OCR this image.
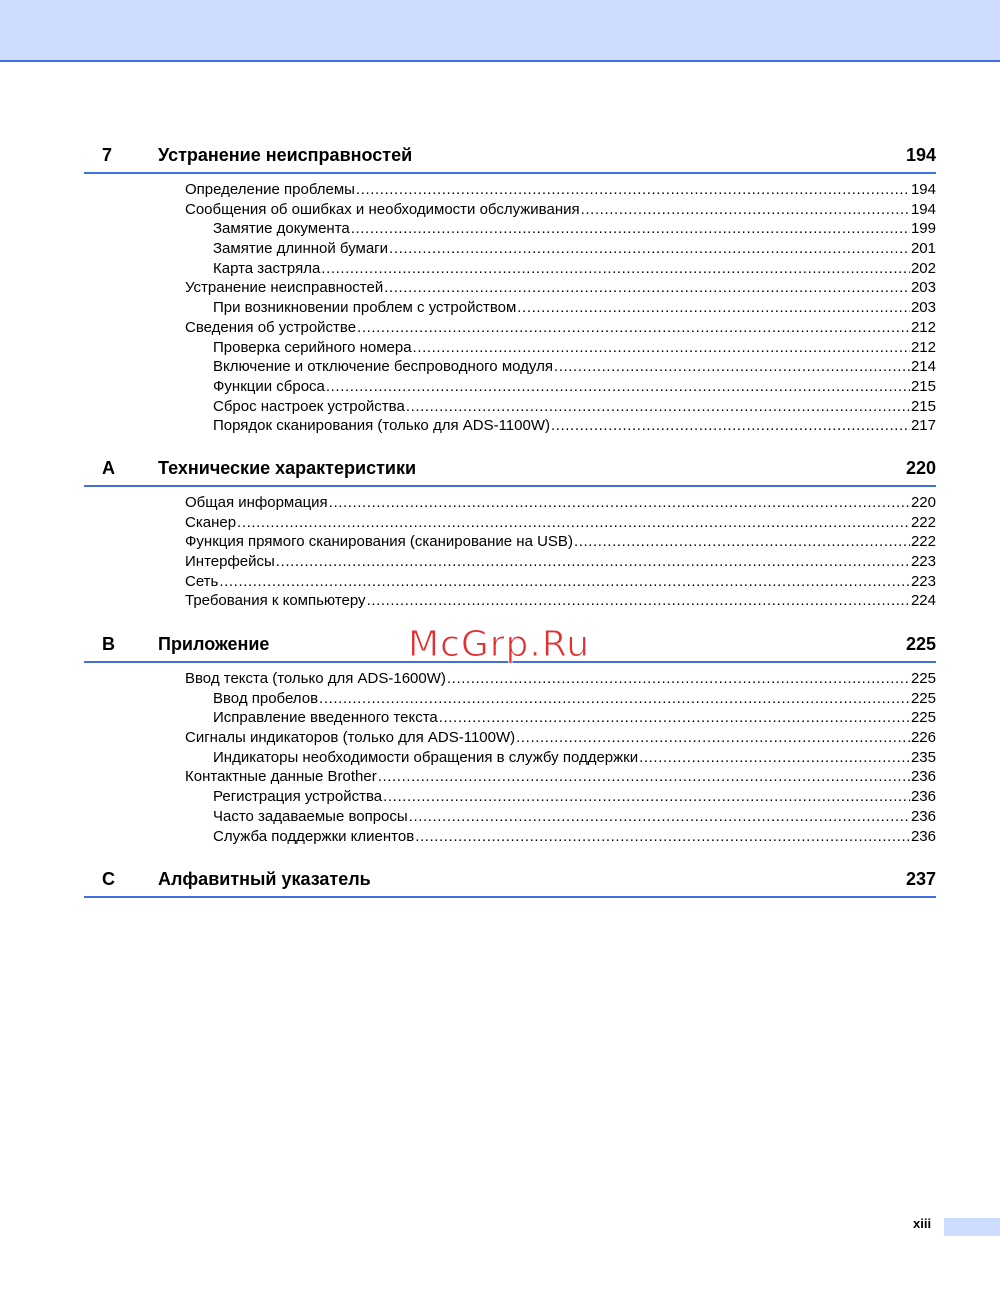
7	Устранение неисправностей	194
Определение проблемы .....	194
Сообщения об ошибках и необходимости обслуживания .....	194
Замятие документа .....	199
Замятие длинной бумаги .....	201
Карта застряла .....	202
Устранение неисправностей .....	203
При возникновении проблем с устройством .....	203
Сведения об устройстве .....	212
Проверка серийного номера .....	212
Включение и отключение беспроводного модуля .....	214
Функции сброса .....	215
Сброс настроек устройства .....	215
Порядок сканирования (только для ADS-1100W) .....	217
A Технические характеристики	220
Общая информация .....	220
Сканер .....	222
Функция прямого сканирования (сканирование на USB) .....	222
Интерфейсы .....	223
Сеть .....	223
Требования к компьютеру .....	224
B Приложение	225
Ввод текста (только для ADS-1600W) .....	225
Ввод пробелов .....	225
Исправление введенного текста .....	225
Сигналы индикаторов (только для ADS-1100W) .....	226
Индикаторы необходимости обращения в службу поддержки .....	235
Контактные данные Brother .....	236
Регистрация устройства .....	236
Часто задаваемые вопросы .....	236
Служба поддержки клиентов .....	236
C Алфавитный указатель	237
McGrp.Ru
xiii
